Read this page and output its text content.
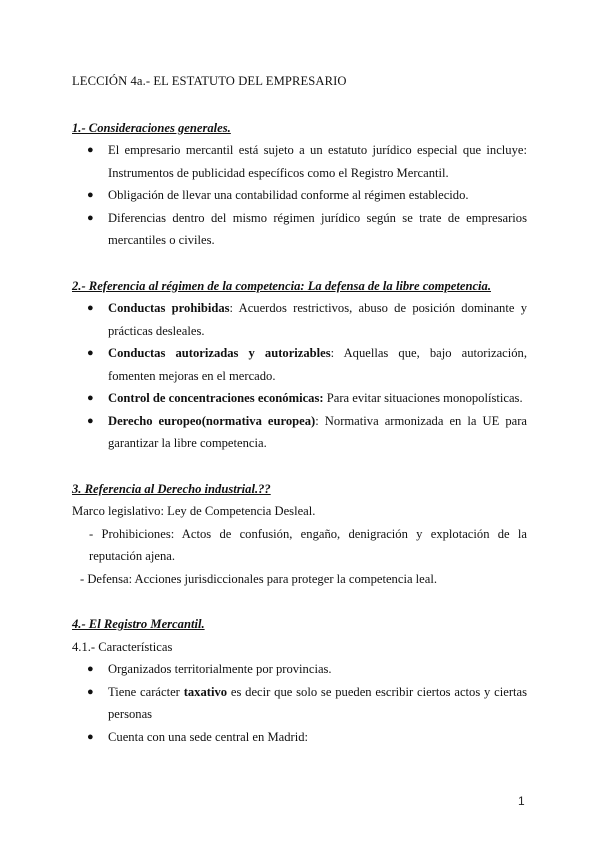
LECCIÓN 4a.- EL ESTATUTO DEL EMPRESARIO

1.- Consideraciones generales.

● El empresario mercantil está sujeto a un estatuto jurídico especial que incluye: Instrumentos de publicidad específicos como el Registro Mercantil.
● Obligación de llevar una contabilidad conforme al régimen establecido.
● Diferencias dentro del mismo régimen jurídico según se trate de empresarios mercantiles o civiles.

2.- Referencia al régimen de la competencia: La defensa de la libre competencia.

● Conductas prohibidas: Acuerdos restrictivos, abuso de posición dominante y prácticas desleales.
● Conductas autorizadas y autorizables: Aquellas que, bajo autorización, fomenten mejoras en el mercado.
● Control de concentraciones económicas: Para evitar situaciones monopolísticas.
● Derecho europeo(normativa europea): Normativa armonizada en la UE para garantizar la libre competencia.

3. Referencia al Derecho industrial.??

Marco legislativo: Ley de Competencia Desleal.
- Prohibiciones: Actos de confusión, engaño, denigración y explotación de la reputación ajena.
- Defensa: Acciones jurisdiccionales para proteger la competencia leal.

4.- El Registro Mercantil.

4.1.- Características
● Organizados territorialmente por provincias.
● Tiene carácter taxativo es decir que solo se pueden escribir ciertos actos y ciertas personas
● Cuenta con una sede central en Madrid:
1
